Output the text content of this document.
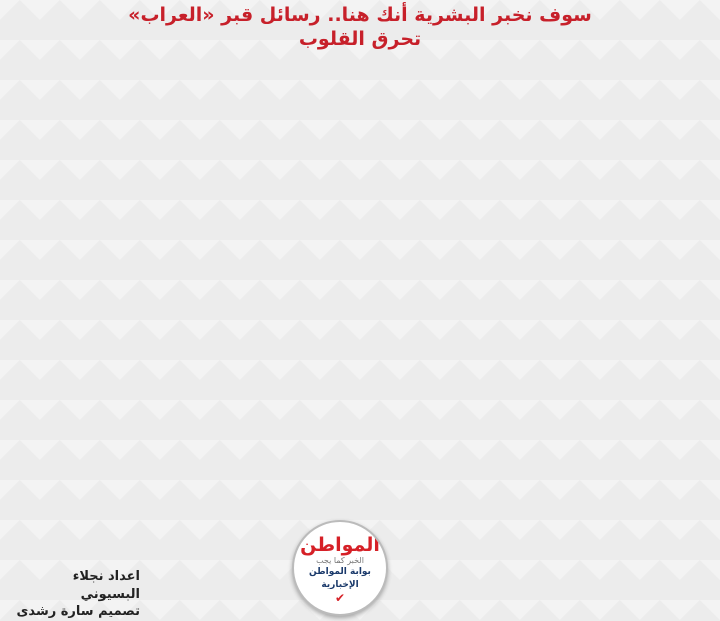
سوف نخبر البشرية أنك هنا.. رسائل قبر «العراب»
تحرق القلوب
المواطن
الخبر كما يجب
بوابة المواطن
الإخبارية
✔
اعداد نجلاء البسيوني
تصميم سارة رشدى
